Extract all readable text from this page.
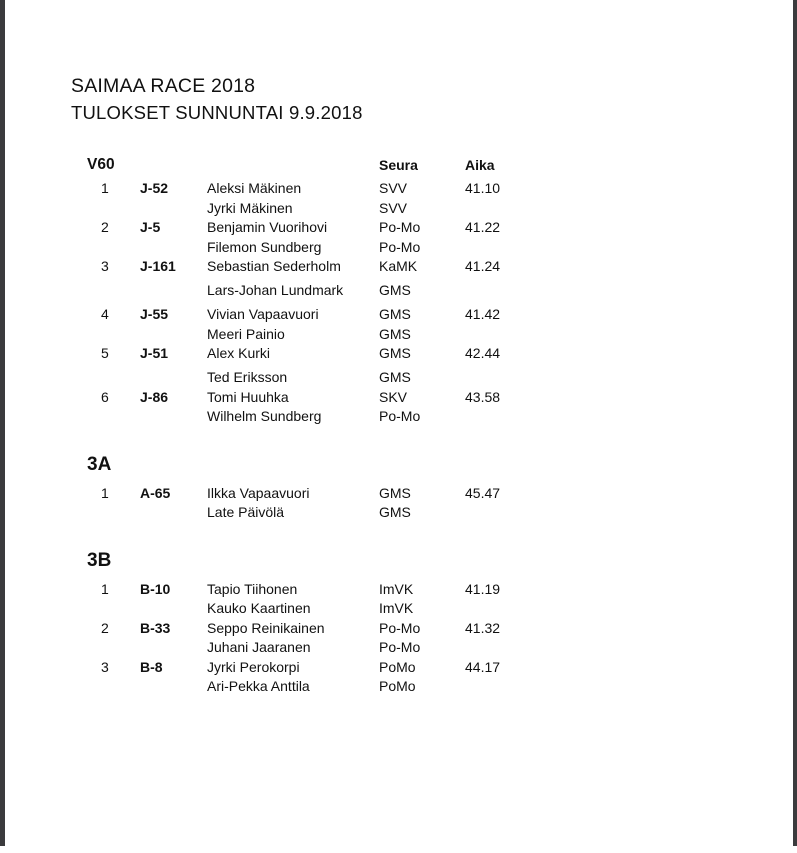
SAIMAA RACE 2018
TULOKSET SUNNUNTAI 9.9.2018
V60	Seura	Aika
1	J-52	Aleksi Mäkinen	SVV	41.10
Jyrki Mäkinen	SVV
2	J-5	Benjamin Vuorihovi	Po-Mo	41.22
Filemon Sundberg	Po-Mo
3	J-161	Sebastian Sederholm	KaMK	41.24
Lars-Johan Lundmark	GMS
4	J-55	Vivian Vapaavuori	GMS	41.42
Meeri Painio	GMS
5	J-51	Alex Kurki	GMS	42.44
Ted Eriksson	GMS
6	J-86	Tomi Huuhka	SKV	43.58
Wilhelm Sundberg	Po-Mo
3A
1	A-65	Ilkka Vapaavuori	GMS	45.47
Late Päivölä	GMS
3B
1	B-10	Tapio Tiihonen	ImVK	41.19
Kauko Kaartinen	ImVK
2	B-33	Seppo Reinikainen	Po-Mo	41.32
Juhani Jaaranen	Po-Mo
3	B-8	Jyrki Perokorpi	PoMo	44.17
Ari-Pekka Anttila	PoMo
